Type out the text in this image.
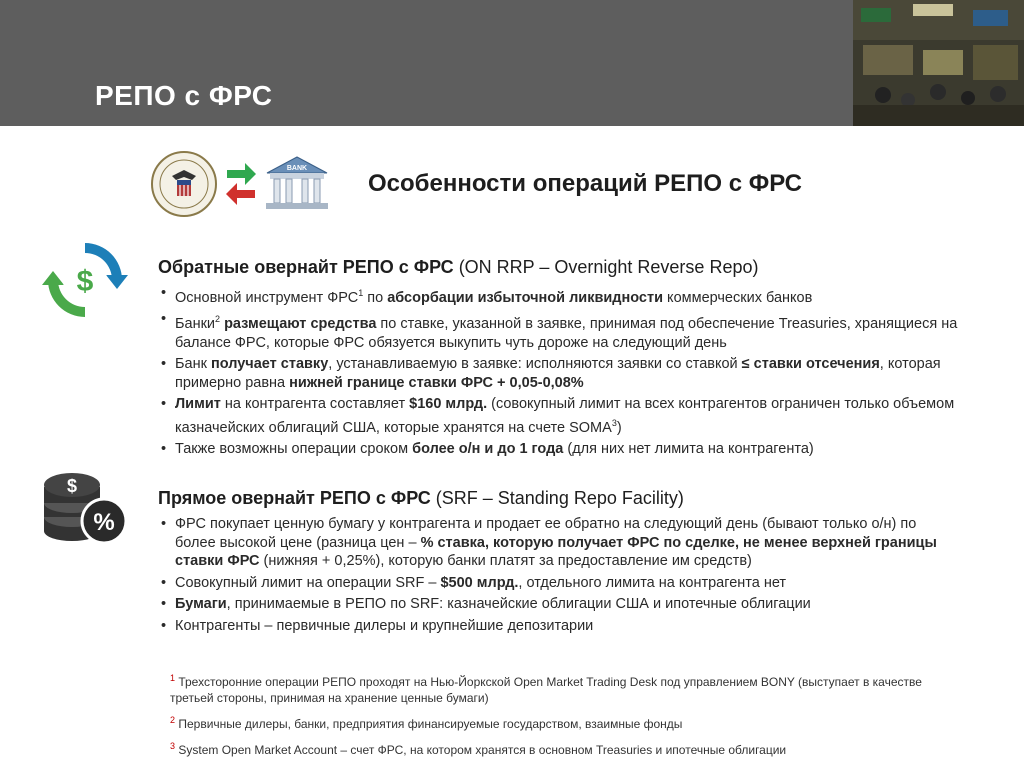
РЕПО с ФРС
BANK
Особенности операций РЕПО с ФРС
$	Обратные овернайт РЕПО с ФРС (ON RRP – Overnight Reverse Repo)
• Основной инструмент ФРС$^1$ по абсорбации избыточной ликвидности коммерческих банков
• Банки$^2$ размещают средства по ставке, указанной в заявке, принимая под обеспечение Treasuries, хранящиеся на балансе ФРС, которые ФРС обязуется выкупить чуть дороже на следующий день
• Банк получает ставку, устанавливаемую в заявке: исполняются заявки со ставкой ≤ ставки отсечения, которая примерно равна нижней границе ставки ФРС + 0,05-0,08%
• Лимит на контрагента составляет $160 млрд. (совокупный лимит на всех контрагентов ограничен только объемом казначейских облигаций США, которые хранятся на счете SOMA$^3$)
• Также возможны операции сроком более о/н и до 1 года (для них нет лимита на контрагента)
$
%
Прямое овернайт РЕПО с ФРС (SRF – Standing Repo Facility)
• ФРС покупает ценную бумагу у контрагента и продает ее обратно на следующий день (бывают только о/н) по более высокой цене (разница цен – % ставка, которую получает ФРС по сделке, не менее верхней границы ставки ФРС (нижняя + 0,25%), которую банки платят за предоставление им средств)
• Совокупный лимит на операции SRF – $500 млрд., отдельного лимита на контрагента нет
• Бумаги, принимаемые в РЕПО по SRF: казначейские облигации США и ипотечные облигации
• Контрагенты – первичные дилеры и крупнейшие депозитарии

$^1$ Трехсторонние операции РЕПО проходят на Нью-Йоркской Open Market Trading Desk под управлением BONY (выступает в качестве третьей стороны, принимая на хранение ценные бумаги)

$^2$ Первичные дилеры, банки, предприятия финансируемые государством, взаимные фонды

$^3$ System Open Market Account – счет ФРС, на котором хранятся в основном Treasuries и ипотечные облигации
